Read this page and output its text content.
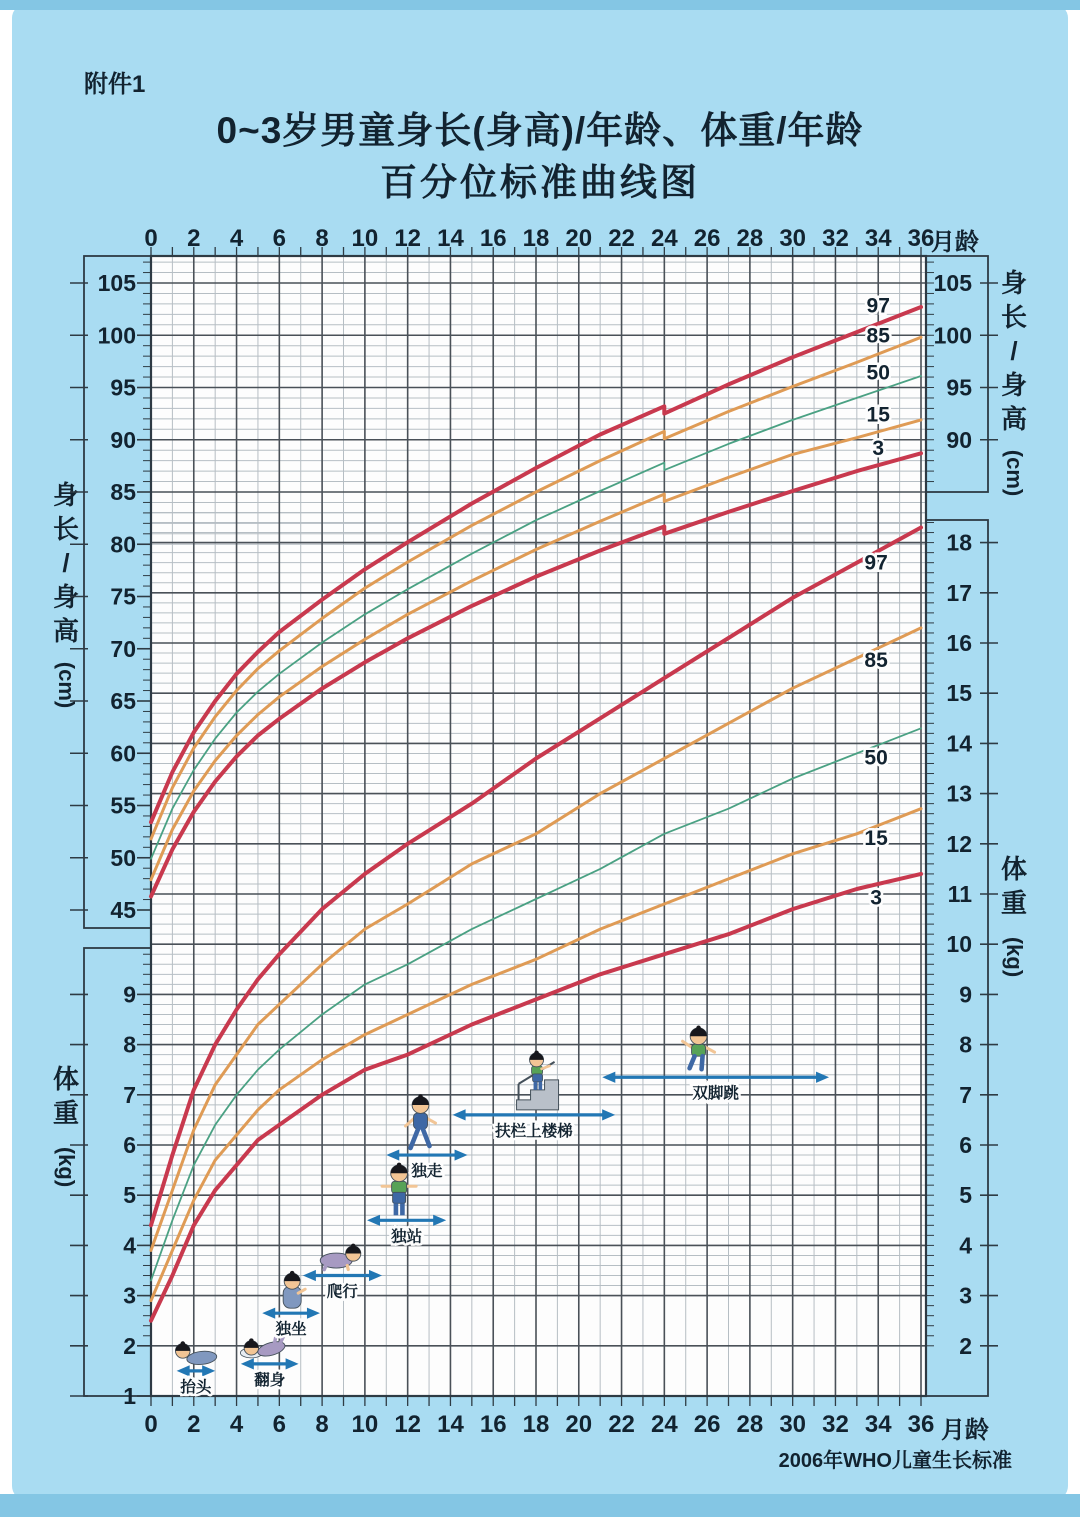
附件1
0~3岁男童身长(身高)/年龄、体重/年龄
百分位标准曲线图
月龄
月龄
身
长
/
身
高
(cm)
体
重
(kg)
身
长
/
身
高
(cm)
体
重
(kg)
105
100
95
90
85
80
75
70
65
60
55
50
45
9
8
7
6
5
4
3
2
1
105
100
95
90
18
17
16
15
14
13
12
11
10
9
8
7
6
5
4
3
2
0
0
2
2
4
4
6
6
8
8
10
10
12
12
14
14
16
16
18
18
20
20
22
22
24
24
26
26
28
28
30
30
32
32
34
34
36
36
97
85
50
15
3
97
85
50
15
3
抬头	翻身
独坐
爬行
独站
独走
扶栏上楼梯
双脚跳
2006年WHO儿童生长标准
